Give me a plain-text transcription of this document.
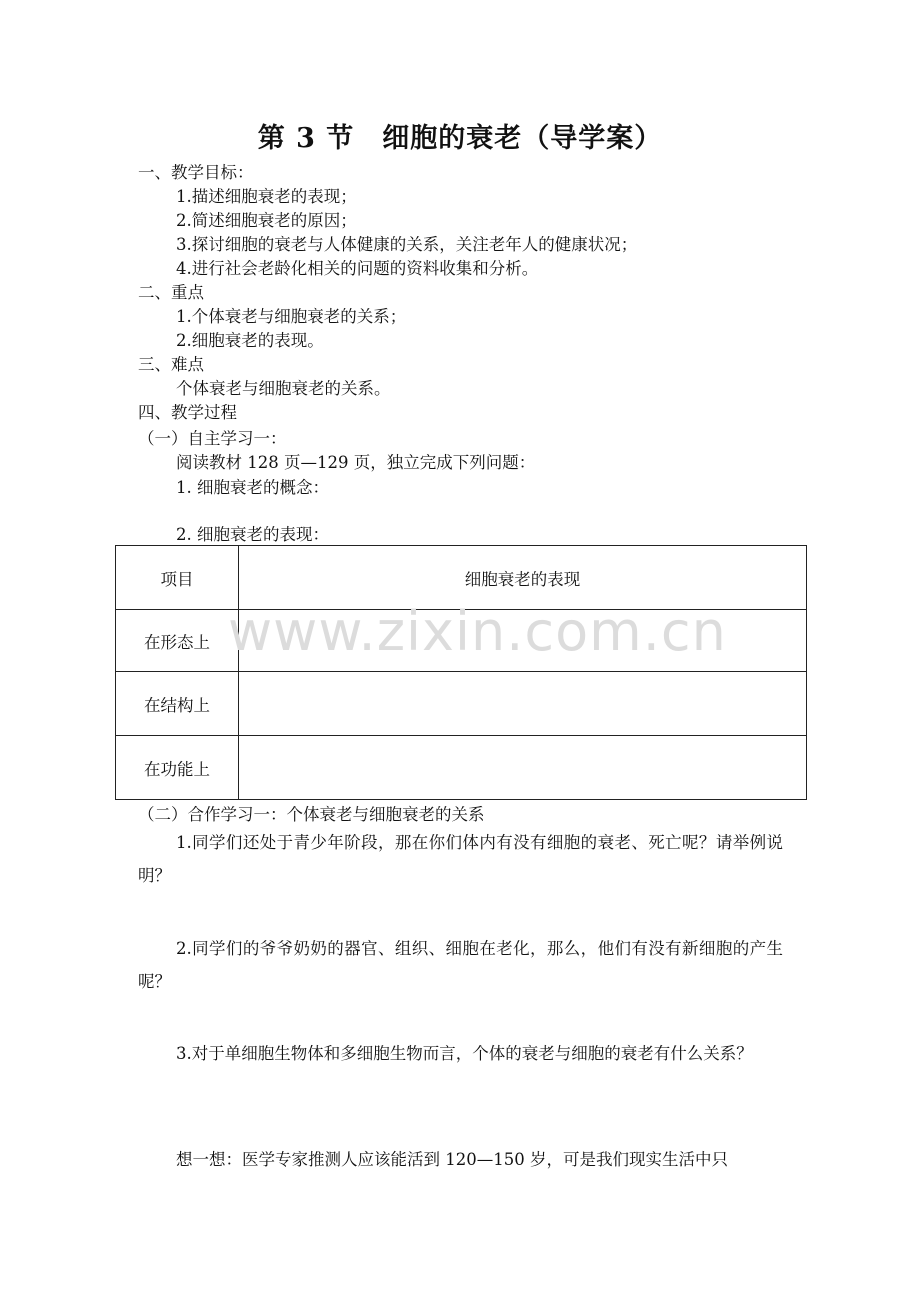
第 3 节　细胞的衰老（导学案）
一、教学目标：
1.描述细胞衰老的表现；
2.简述细胞衰老的原因；
3.探讨细胞的衰老与人体健康的关系，关注老年人的健康状况；
4.进行社会老龄化相关的问题的资料收集和分析。
二、重点
1.个体衰老与细胞衰老的关系；
2.细胞衰老的表现。
三、难点
个体衰老与细胞衰老的关系。
四、教学过程
（一）自主学习一：
阅读教材 128 页—129 页，独立完成下列问题：
1. 细胞衰老的概念：
2. 细胞衰老的表现：
项目	细胞衰老的表现
在形态上	
在结构上	
在功能上	
www.zixin.com.cn
（二）合作学习一：个体衰老与细胞衰老的关系
1.同学们还处于青少年阶段，那在你们体内有没有细胞的衰老、死亡呢？请举例说明？
2.同学们的爷爷奶奶的器官、组织、细胞在老化，那么，他们有没有新细胞的产生呢？
3.对于单细胞生物体和多细胞生物而言，个体的衰老与细胞的衰老有什么关系？
想一想：医学专家推测人应该能活到 120—150 岁，可是我们现实生活中只
